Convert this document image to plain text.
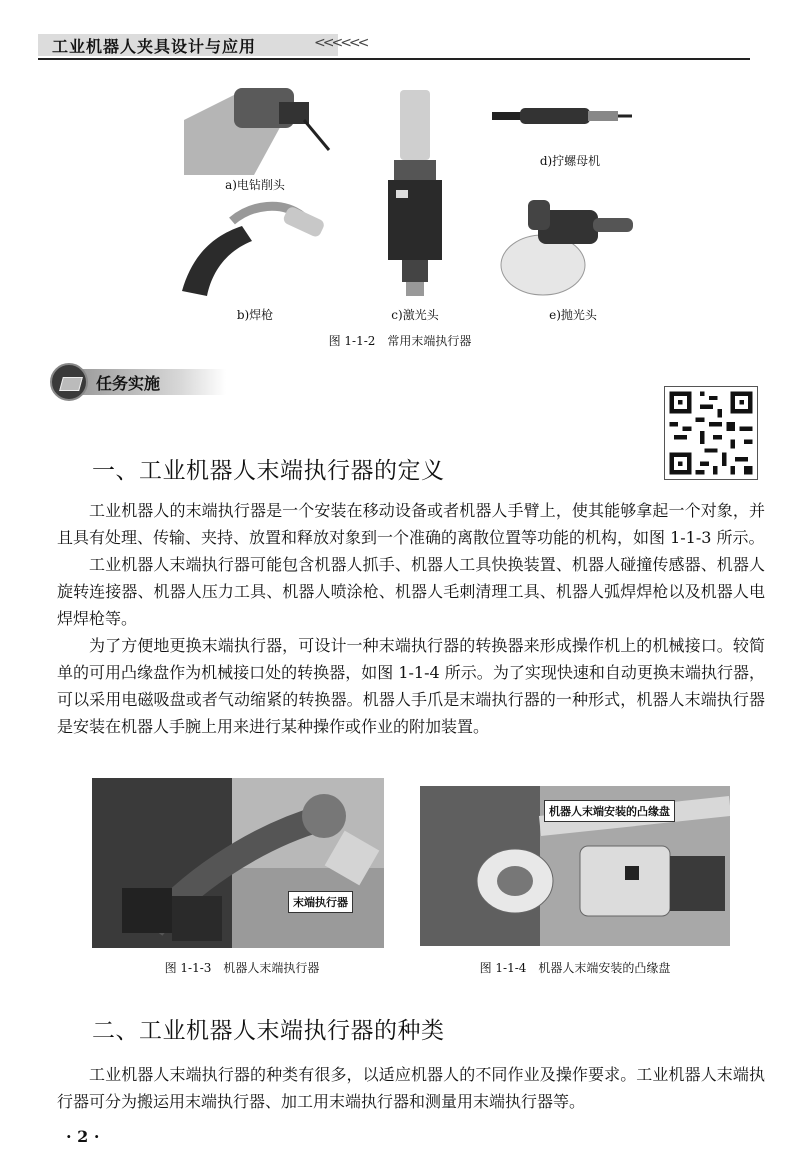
工业机器人夹具设计与应用	<<<<<<
a)电钻削头
b)焊枪	c)激光头
d)拧螺母机
e)抛光头
图 1-1-2　常用末端执行器
任务实施
一、工业机器人末端执行器的定义

工业机器人的末端执行器是一个安装在移动设备或者机器人手臂上，使其能够拿起一个对象，并且具有处理、传输、夹持、放置和释放对象到一个准确的离散位置等功能的机构，如图 1-1-3 所示。

工业机器人末端执行器可能包含机器人抓手、机器人工具快换装置、机器人碰撞传感器、机器人旋转连接器、机器人压力工具、机器人喷涂枪、机器人毛刺清理工具、机器人弧焊焊枪以及机器人电焊焊枪等。

为了方便地更换末端执行器，可设计一种末端执行器的转换器来形成操作机上的机械接口。较简单的可用凸缘盘作为机械接口处的转换器，如图 1-1-4 所示。为了实现快速和自动更换末端执行器，可以采用电磁吸盘或者气动缩紧的转换器。机器人手爪是末端执行器的一种形式，机器人末端执行器是安装在机器人手腕上用来进行某种操作或作业的附加装置。

末端执行器
图 1-1-3　机器人末端执行器
机器人末端安装的凸缘盘
图 1-1-4　机器人末端安装的凸缘盘
二、工业机器人末端执行器的种类

工业机器人末端执行器的种类有很多，以适应机器人的不同作业及操作要求。工业机器人末端执行器可分为搬运用末端执行器、加工用末端执行器和测量用末端执行器等。

· 2 ·
